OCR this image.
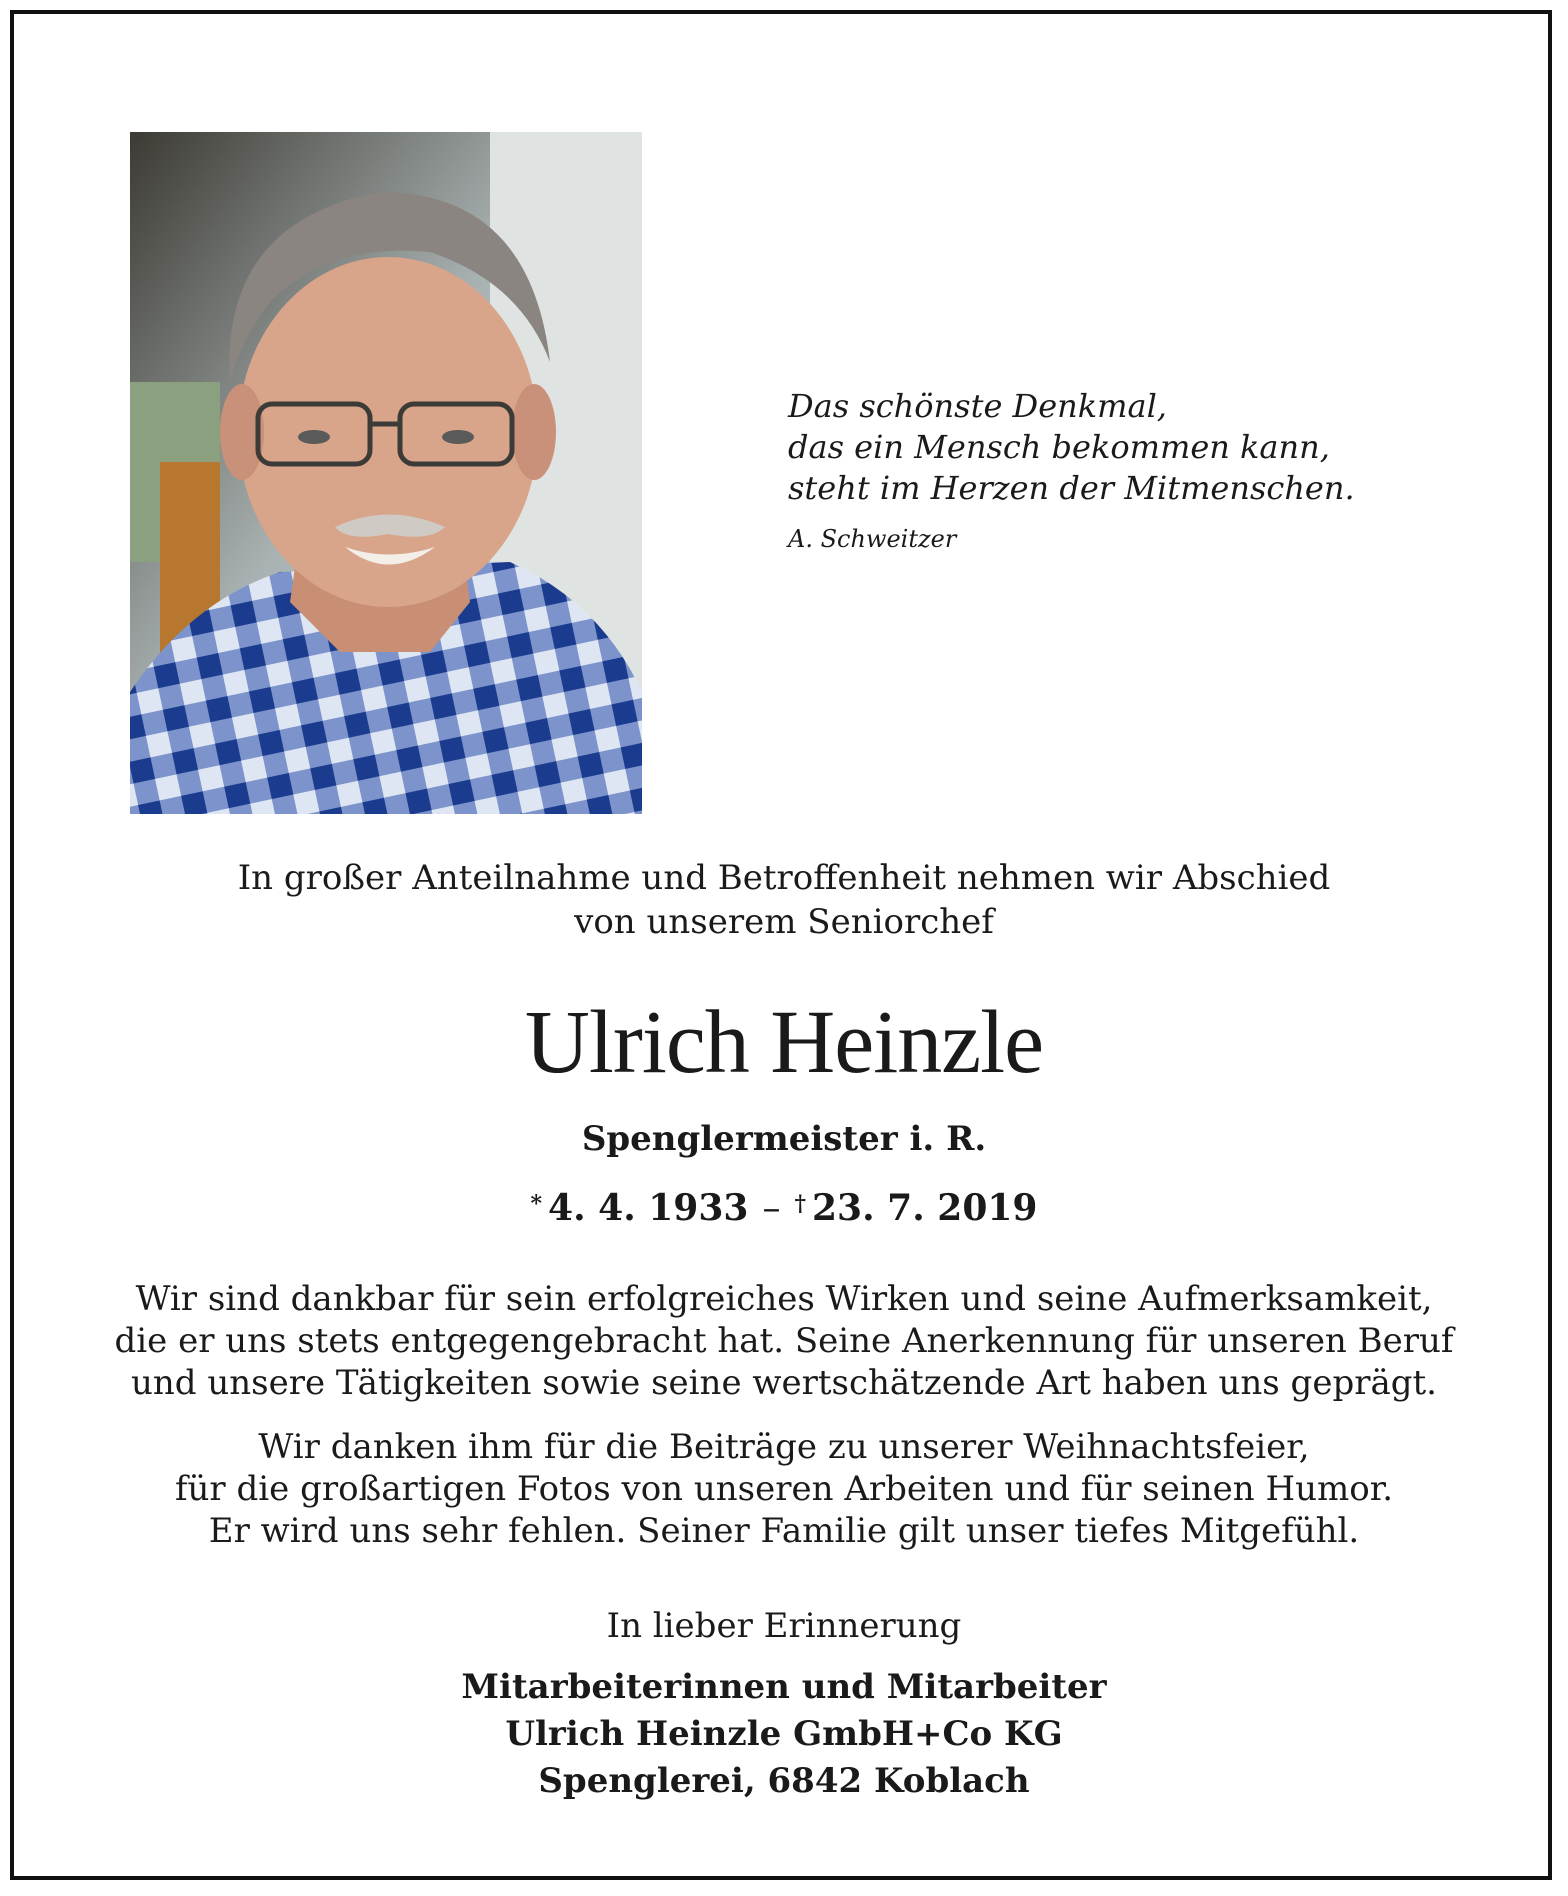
Das schönste Denkmal,
das ein Mensch bekommen kann,
steht im Herzen der Mitmenschen.
A. Schweitzer
In großer Anteilnahme und Betroffenheit nehmen wir Abschied
von unserem Seniorchef
Ulrich Heinzle
Spenglermeister i. R.
* 4. 4. 1933 – † 23. 7. 2019
Wir sind dankbar für sein erfolgreiches Wirken und seine Aufmerksamkeit,
die er uns stets entgegengebracht hat. Seine Anerkennung für unseren Beruf
und unsere Tätigkeiten sowie seine wertschätzende Art haben uns geprägt.
Wir danken ihm für die Beiträge zu unserer Weihnachtsfeier,
für die großartigen Fotos von unseren Arbeiten und für seinen Humor.
Er wird uns sehr fehlen. Seiner Familie gilt unser tiefes Mitgefühl.
In lieber Erinnerung
Mitarbeiterinnen und Mitarbeiter
Ulrich Heinzle GmbH+Co KG
Spenglerei, 6842 Koblach
